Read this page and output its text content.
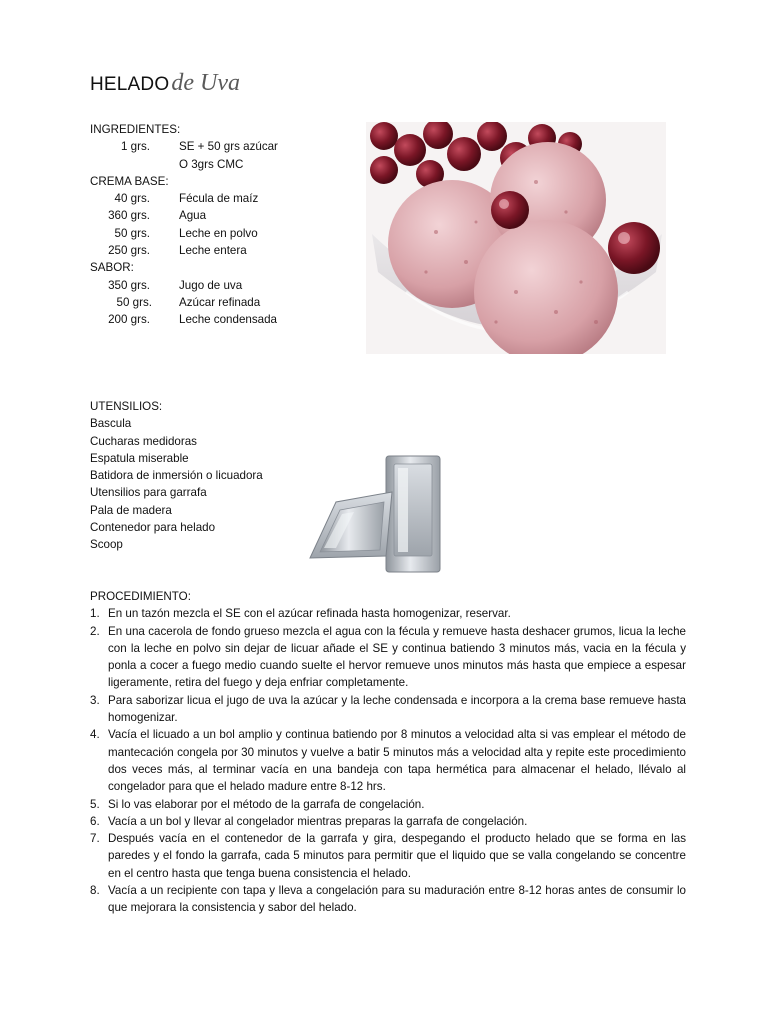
HELADOde Uva
INGREDIENTES:
1 grs.	SE + 50 grs azúcar
O 3grs CMC
CREMA BASE:
40 grs.	Fécula de maíz
360 grs.	Agua
50 grs.	Leche en polvo
250 grs.	Leche entera
SABOR:
350 grs.	Jugo de uva
50 grs. Azúcar refinada
200 grs.	Leche condensada
UTENSILIOS:
Bascula
Cucharas medidoras
Espatula miserable
Batidora de inmersión o licuadora
Utensilios para garrafa
Pala de madera
Contenedor para helado
Scoop
PROCEDIMIENTO:
1. En un tazón mezcla el SE con el azúcar refinada hasta homogenizar, reservar.
2. En una cacerola de fondo grueso mezcla el agua con la fécula y remueve hasta deshacer grumos, licua la leche con la leche en polvo sin dejar de licuar añade el SE y continua batiendo 3 minutos más, vacia en la fécula y ponla a cocer a fuego medio cuando suelte el hervor remueve unos minutos más hasta que empiece a espesar ligeramente, retira del fuego y deja enfriar completamente.
3. Para saborizar licua el jugo de uva la azúcar y la leche condensada e incorpora a la crema base remueve hasta homogenizar.
4. Vacía el licuado a un bol amplio y continua batiendo por 8 minutos a velocidad alta si vas emplear el método de mantecación congela por 30 minutos y vuelve a batir 5 minutos más a velocidad alta y repite este procedimiento dos veces más, al terminar vacía en una bandeja con tapa hermética para almacenar el helado, llévalo al congelador para que el helado madure entre 8-12 hrs.
5. Si lo vas elaborar por el método de la garrafa de congelación.
6. Vacía a un bol y llevar al congelador mientras preparas la garrafa de congelación.
7. Después vacía en el contenedor de la garrafa y gira, despegando el producto helado que se forma en las paredes y el fondo la garrafa, cada 5 minutos para permitir que el liquido que se valla congelando se concentre en el centro hasta que tenga buena consistencia el helado.
8. Vacía a un recipiente con tapa y lleva a congelación para su maduración entre 8-12 horas antes de consumir lo que mejorara la consistencia y sabor del helado.
